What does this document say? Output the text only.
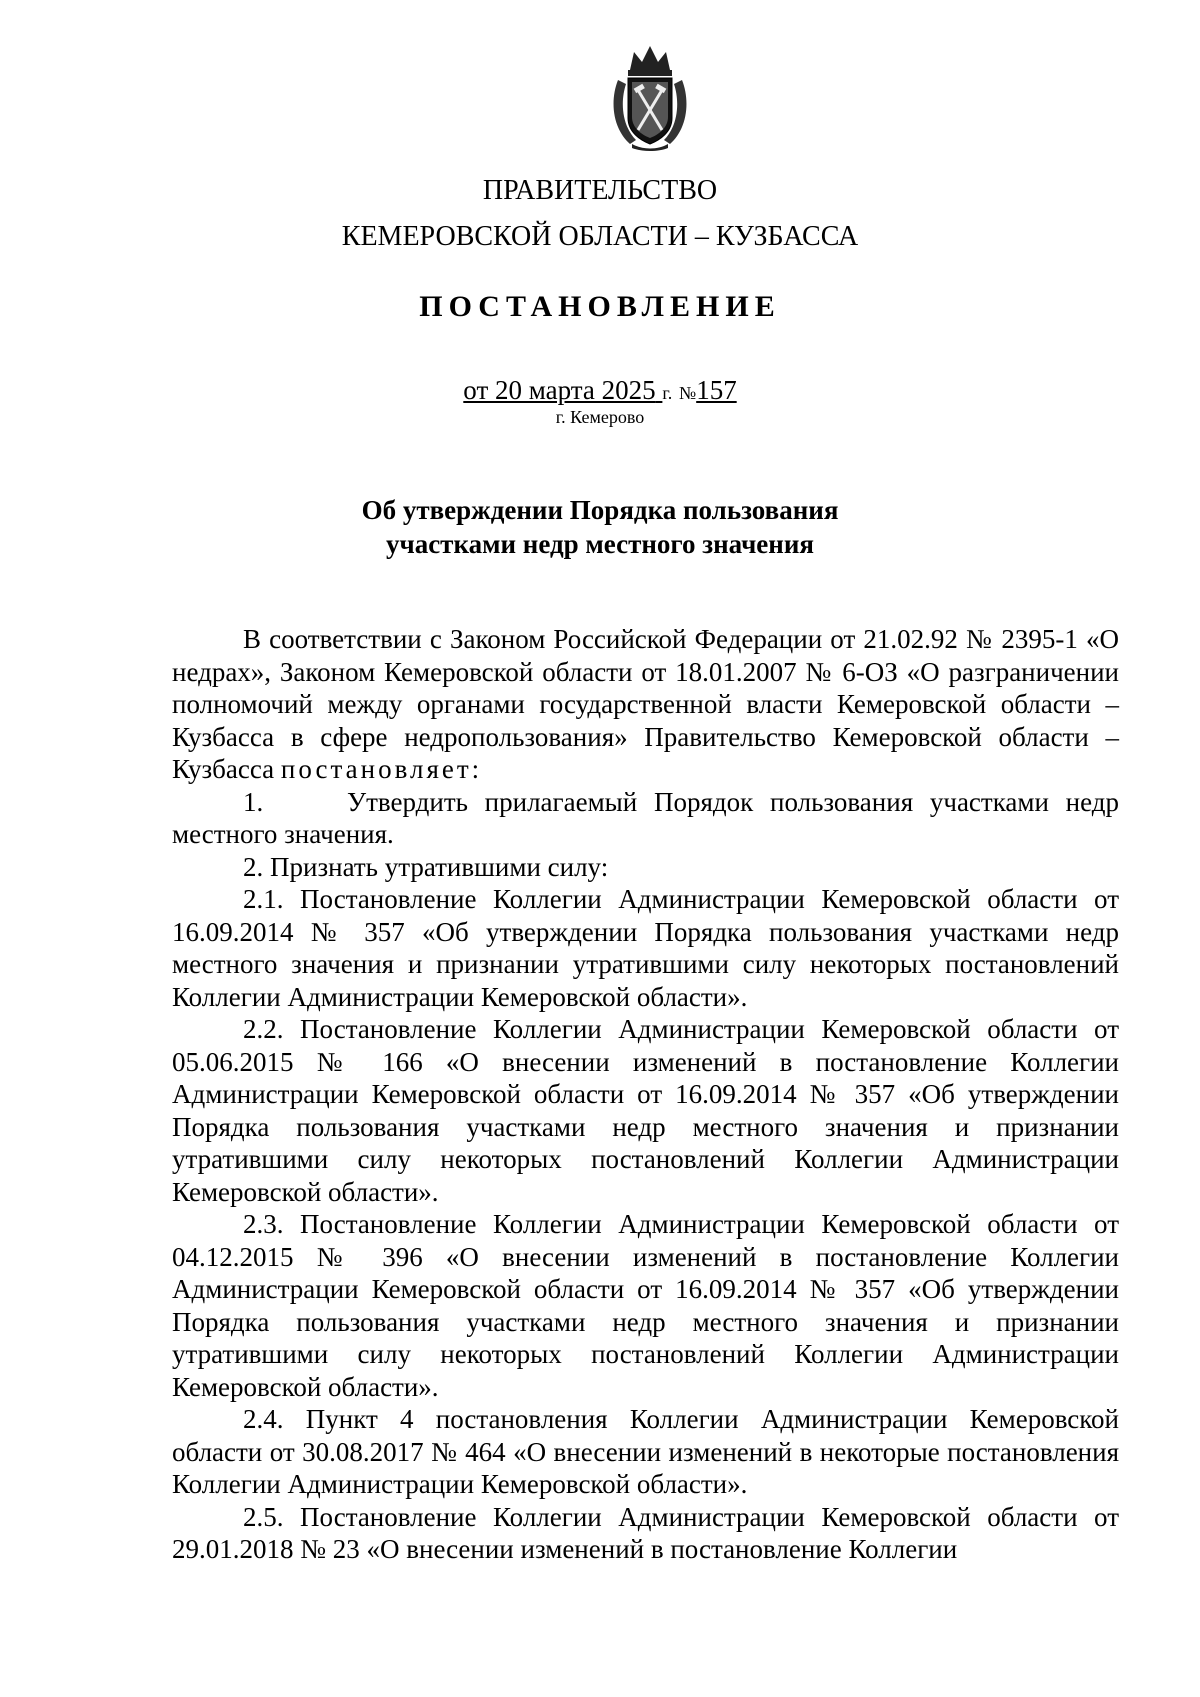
ПРАВИТЕЛЬСТВО
КЕМЕРОВСКОЙ ОБЛАСТИ – КУЗБАССА
ПОСТАНОВЛЕНИЕ
от 20 марта 2025 г. №157
г. Кемерово
Об утверждении Порядка пользования
участками недр местного значения

В соответствии с Законом Российской Федерации от 21.02.92 № 2395-1 «О недрах», Законом Кемеровской области от 18.01.2007 № 6-ОЗ «О разграничении полномочий между органами государственной власти Кемеровской области – Кузбасса в сфере недропользования» Правительство Кемеровской области – Кузбасса постановляет:

1.     Утвердить прилагаемый Порядок пользования участками недр местного значения.

2. Признать утратившими силу:

2.1. Постановление Коллегии Администрации Кемеровской области от 16.09.2014 № 357 «Об утверждении Порядка пользования участками недр местного значения и признании утратившими силу некоторых постановлений Коллегии Администрации Кемеровской области».

2.2. Постановление Коллегии Администрации Кемеровской области от 05.06.2015 № 166 «О внесении изменений в постановление Коллегии Администрации Кемеровской области от 16.09.2014 № 357 «Об утверждении Порядка пользования участками недр местного значения и признании утратившими силу некоторых постановлений Коллегии Администрации Кемеровской области».

2.3. Постановление Коллегии Администрации Кемеровской области от 04.12.2015 № 396 «О внесении изменений в постановление Коллегии Администрации Кемеровской области от 16.09.2014 № 357 «Об утверждении Порядка пользования участками недр местного значения и признании утратившими силу некоторых постановлений Коллегии Администрации Кемеровской области».

2.4. Пункт 4 постановления Коллегии Администрации Кемеровской области от 30.08.2017 № 464 «О внесении изменений в некоторые постановления Коллегии Администрации Кемеровской области».

2.5. Постановление Коллегии Администрации Кемеровской области от 29.01.2018 № 23 «О внесении изменений в постановление Коллегии
